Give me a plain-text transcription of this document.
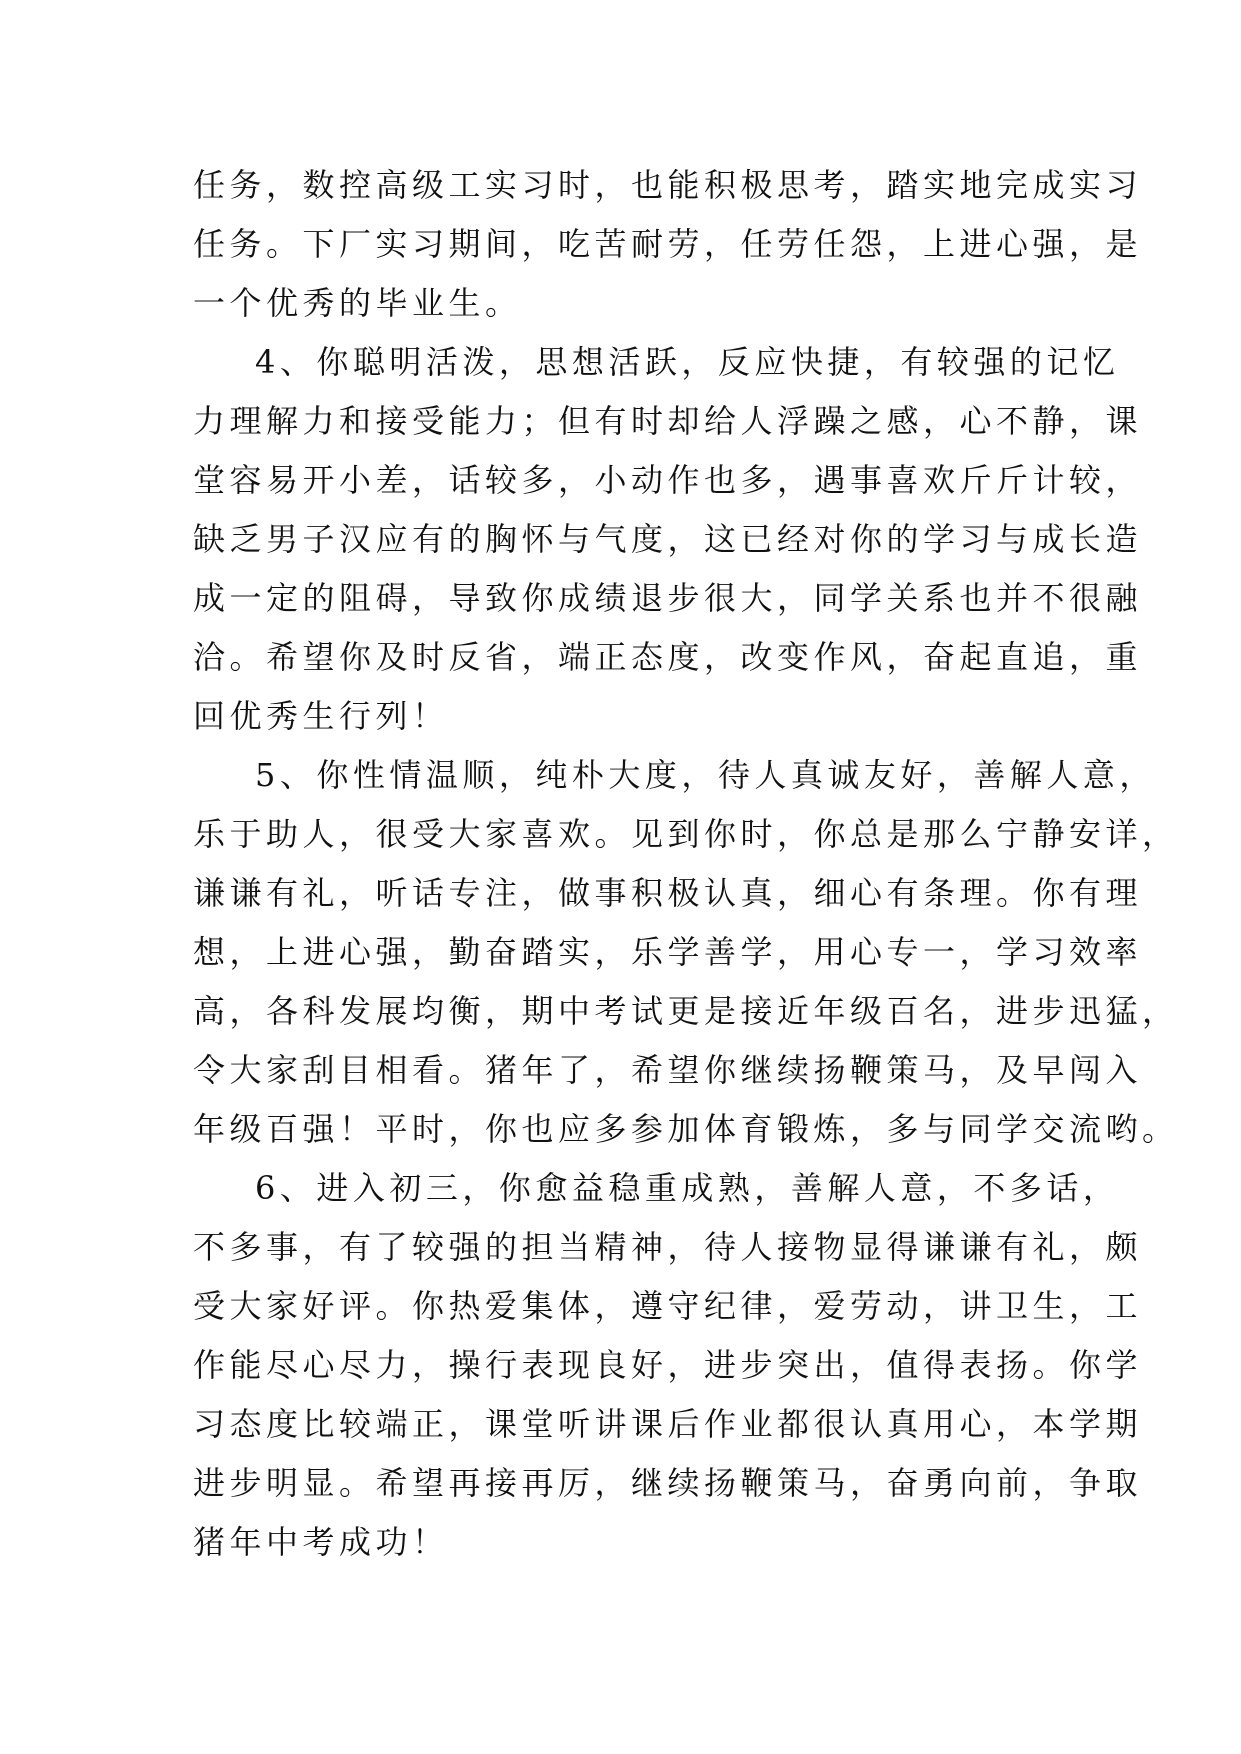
任务，数控高级工实习时，也能积极思考，踏实地完成实习
任务。下厂实习期间，吃苦耐劳，任劳任怨，上进心强，是
一个优秀的毕业生。
4、你聪明活泼，思想活跃，反应快捷，有较强的记忆
力理解力和接受能力；但有时却给人浮躁之感，心不静，课
堂容易开小差，话较多，小动作也多，遇事喜欢斤斤计较，
缺乏男子汉应有的胸怀与气度，这已经对你的学习与成长造
成一定的阻碍，导致你成绩退步很大，同学关系也并不很融
洽。希望你及时反省，端正态度，改变作风，奋起直追，重
回优秀生行列！
5、你性情温顺，纯朴大度，待人真诚友好，善解人意，
乐于助人，很受大家喜欢。见到你时，你总是那么宁静安详，
谦谦有礼，听话专注，做事积极认真，细心有条理。你有理
想，上进心强，勤奋踏实，乐学善学，用心专一，学习效率
高，各科发展均衡，期中考试更是接近年级百名，进步迅猛，
令大家刮目相看。猪年了，希望你继续扬鞭策马，及早闯入
年级百强！平时，你也应多参加体育锻炼，多与同学交流哟。
6、进入初三，你愈益稳重成熟，善解人意，不多话，
不多事，有了较强的担当精神，待人接物显得谦谦有礼，颇
受大家好评。你热爱集体，遵守纪律，爱劳动，讲卫生，工
作能尽心尽力，操行表现良好，进步突出，值得表扬。你学
习态度比较端正，课堂听讲课后作业都很认真用心，本学期
进步明显。希望再接再厉，继续扬鞭策马，奋勇向前，争取
猪年中考成功！
